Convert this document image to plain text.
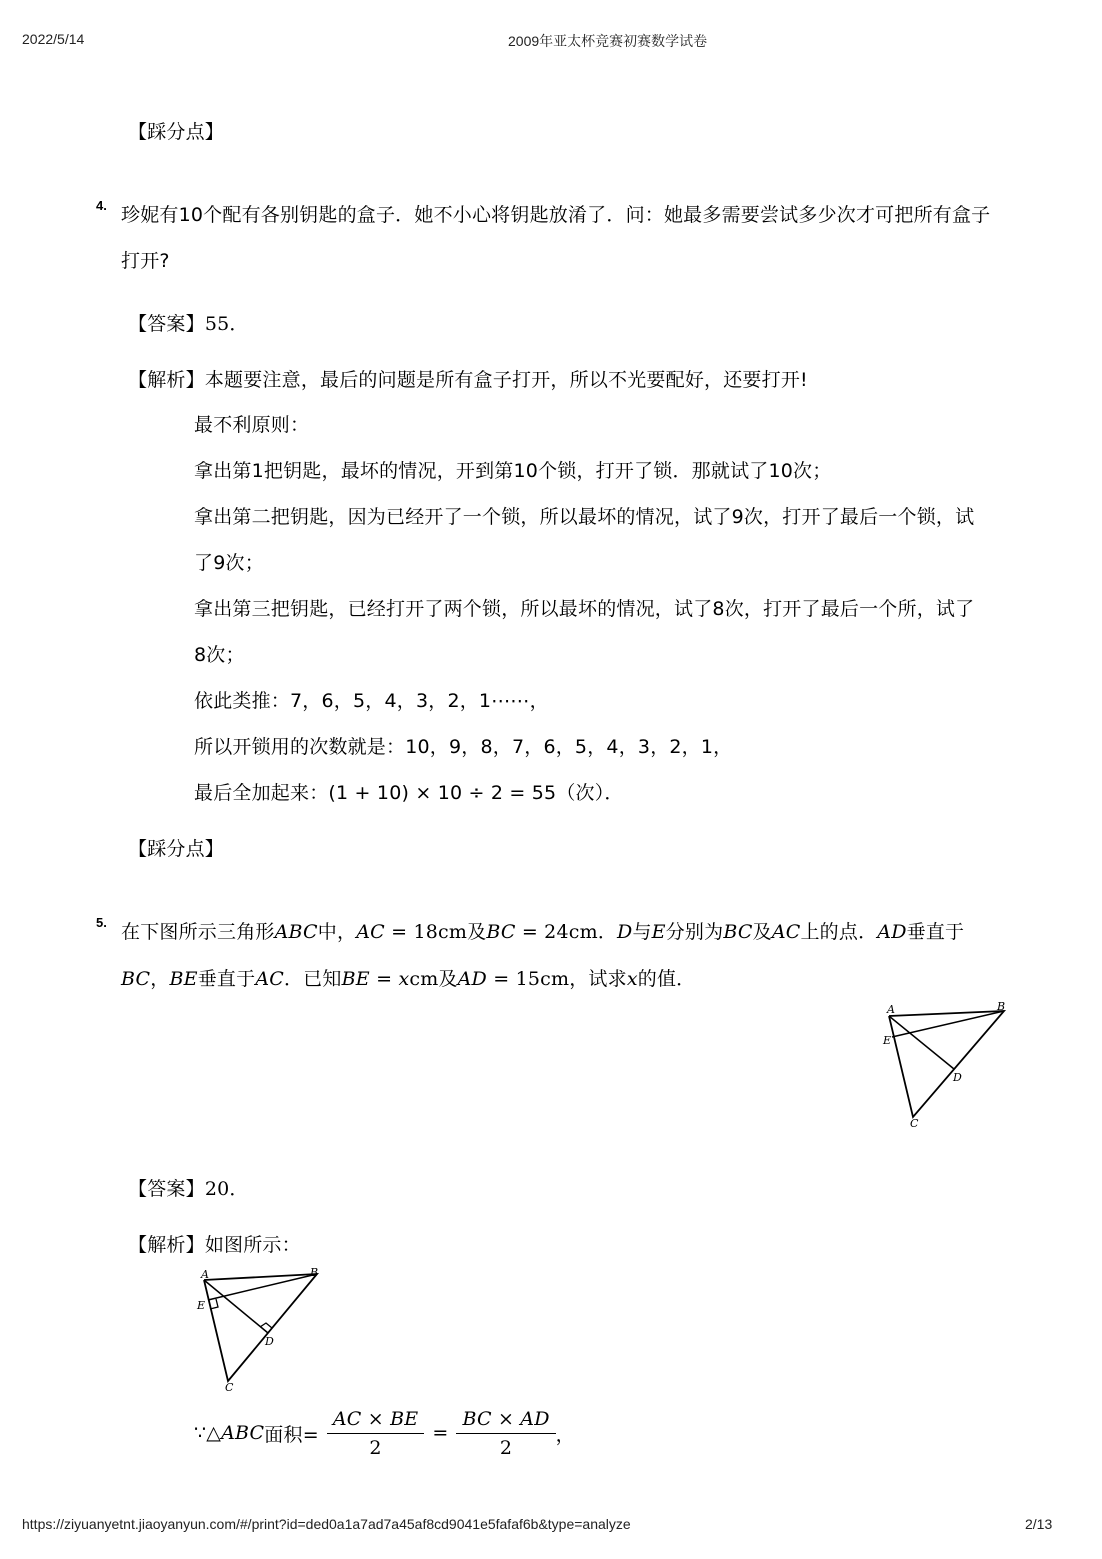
2022/5/14	2009年亚太杯竞赛初赛数学试卷
【踩分点】
4. 珍妮有10个配有各别钥匙的盒子．她不小心将钥匙放淆了．问：她最多需要尝试多少次才可把所有盒子
打开?
【答案】55．
【解析】本题要注意，最后的问题是所有盒子打开，所以不光要配好，还要打开!
最不利原则：
拿出第1把钥匙，最坏的情况，开到第10个锁，打开了锁．那就试了10次；
拿出第二把钥匙，因为已经开了一个锁，所以最坏的情况，试了9次，打开了最后一个锁，试
了9次；
拿出第三把钥匙，已经打开了两个锁，所以最坏的情况，试了8次，打开了最后一个所，试了
8次；
依此类推：7，6，5，4，3，2，1⋯⋯，
所以开锁用的次数就是：10，9，8，7，6，5，4，3，2，1，
最后全加起来：(1 + 10) × 10 ÷ 2 = 55（次）．
【踩分点】
5. 在下图所示三角形ABC中，AC = 18cm及BC = 24cm．D与E分别为BC及AC上的点．AD垂直于
BC，BE垂直于AC．已知BE = xcm及AD = 15cm，试求x的值．
A	B
C
D
E
【答案】20．
【解析】如图所示：
A	B
C
D
E
∵△ ABC 面积= $\frac{AC \times BE}{2} = \frac{BC \times AD}{2}$ ，
https://ziyuanyetnt.jiaoyanyun.com/#/print?id=ded0a1a7ad7a45af8cd9041e5fafaf6b&type=analyze	2/13
